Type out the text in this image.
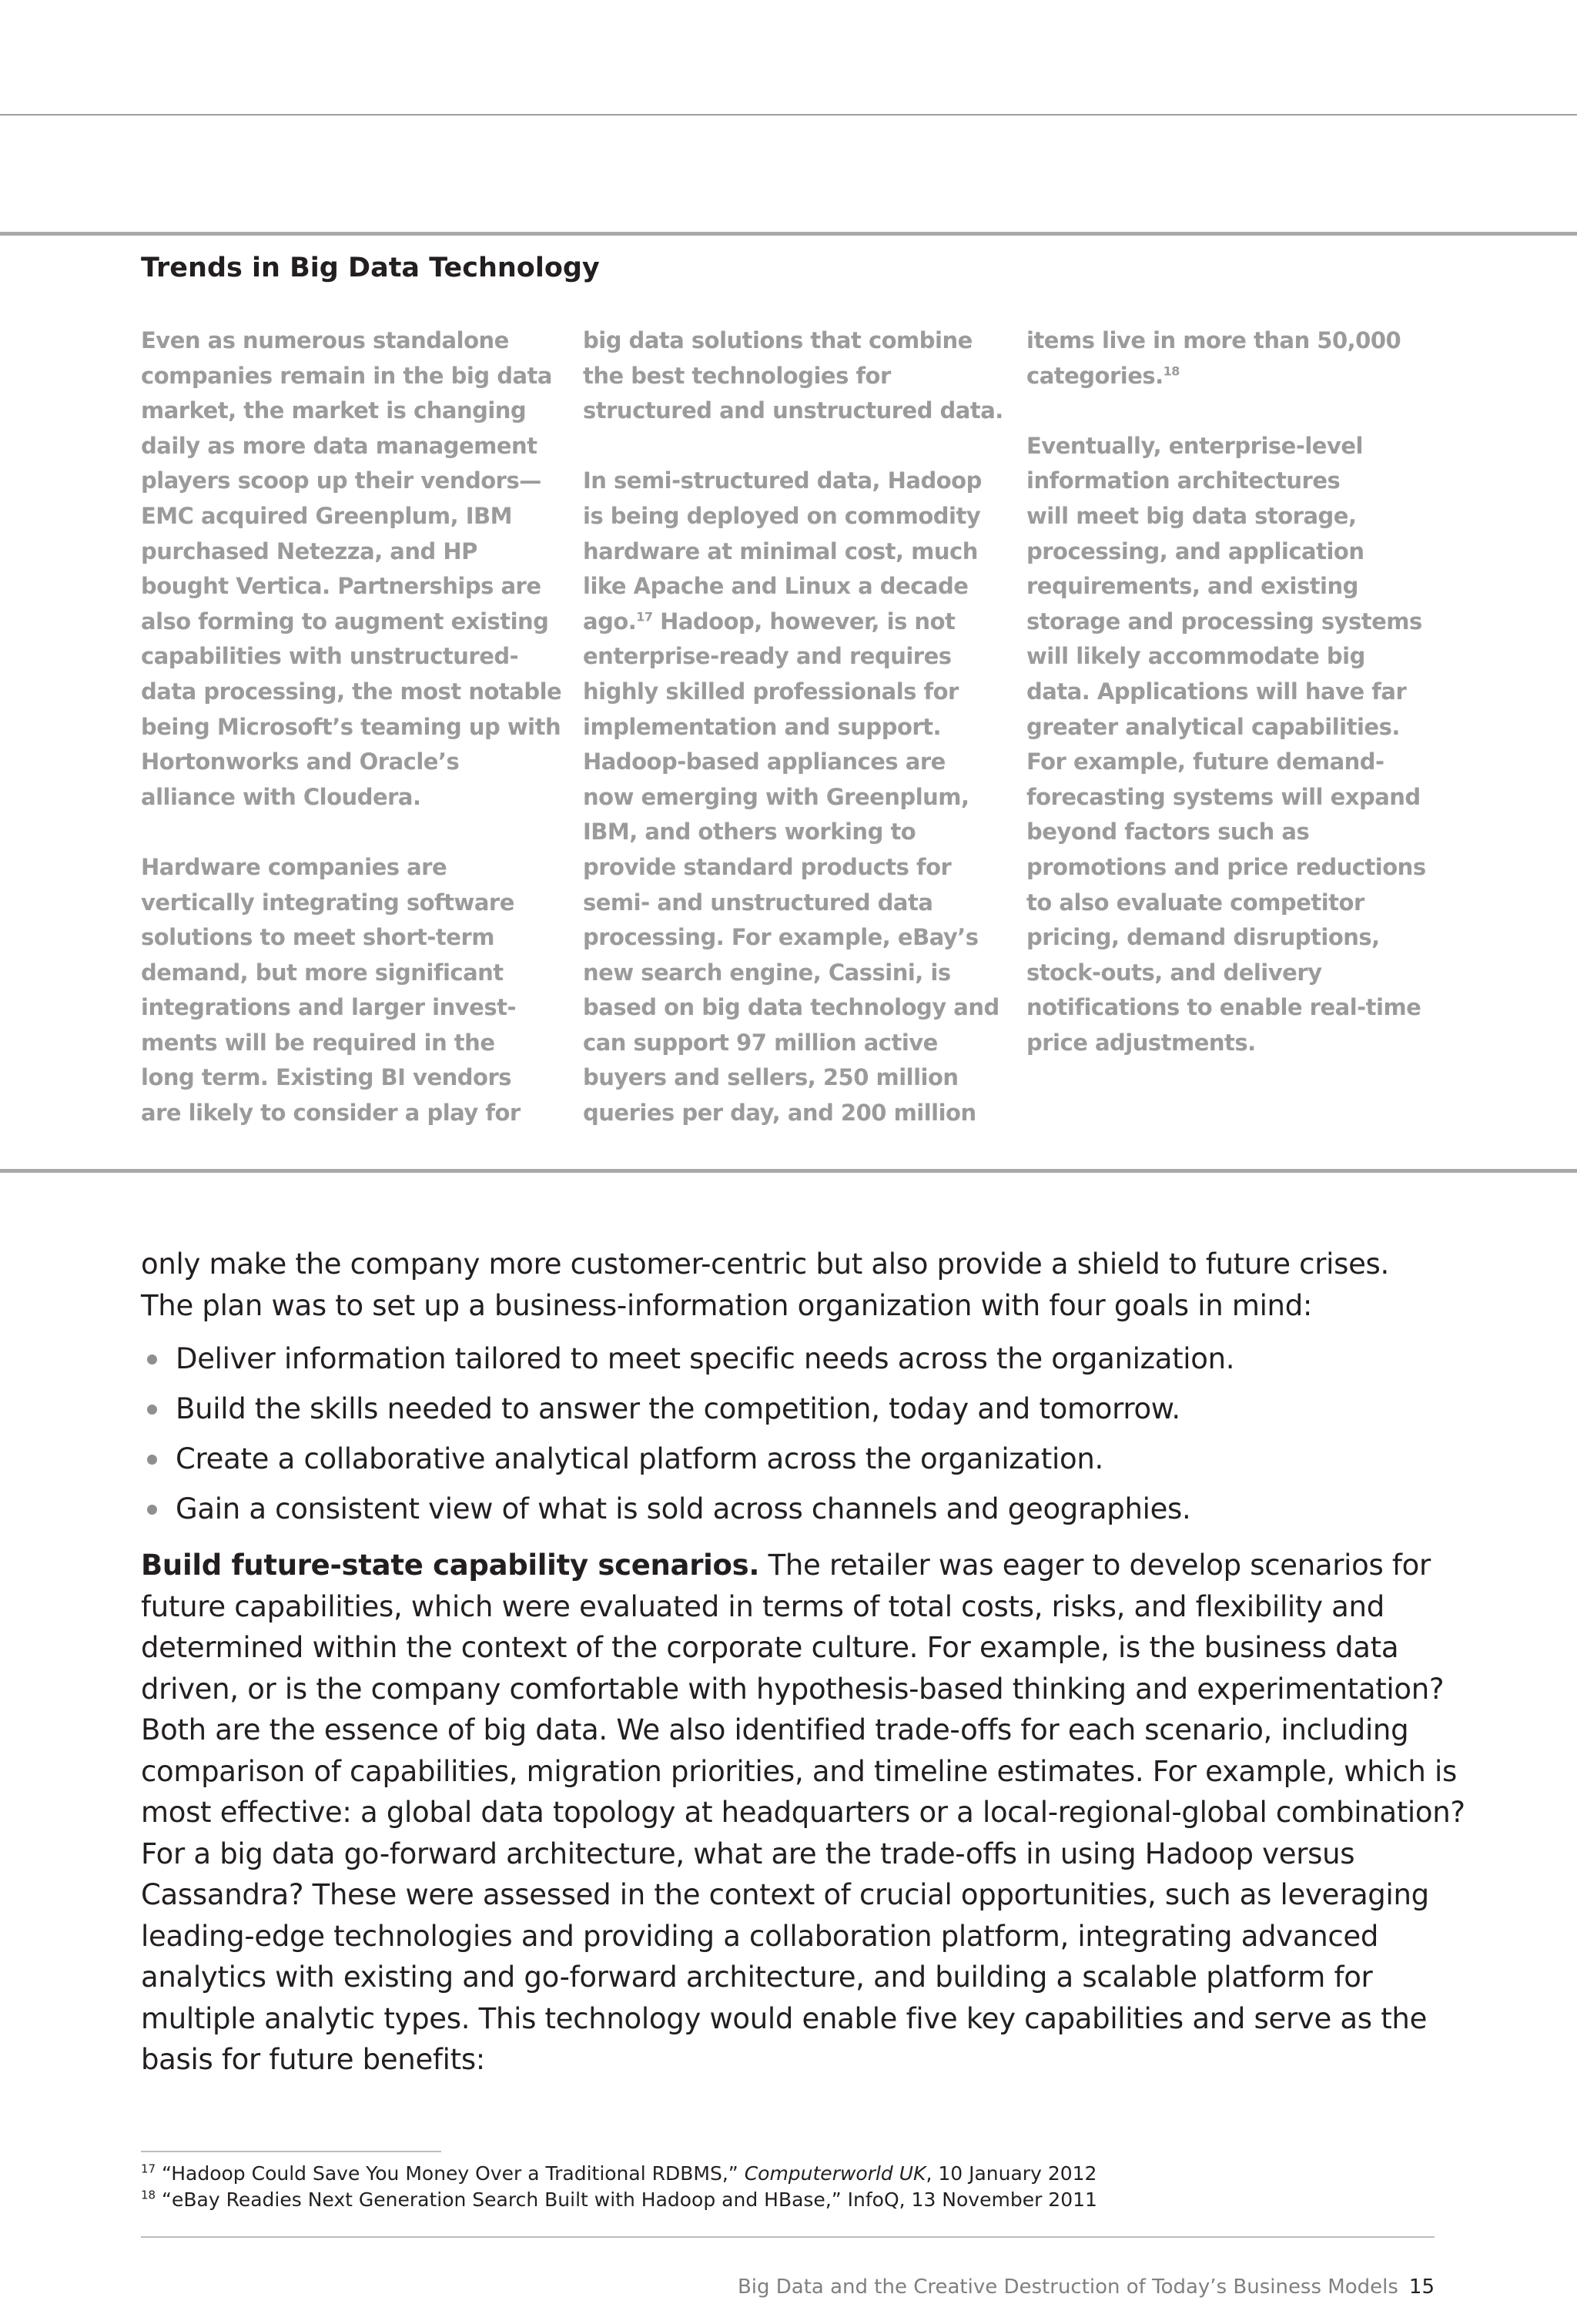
Trends in Big Data Technology

Even as numerous standalone
companies remain in the big data
market, the market is changing
daily as more data management
players scoop up their vendors—
EMC acquired Greenplum, IBM
purchased Netezza, and HP
bought Vertica. Partnerships are
also forming to augment existing
capabilities with unstructured-
data processing, the most notable
being Microsoft’s teaming up with
Hortonworks and Oracle’s
alliance with Cloudera.

Hardware companies are
vertically integrating software
solutions to meet short-term
demand, but more significant
integrations and larger invest-
ments will be required in the
long term. Existing BI vendors
are likely to consider a play for

big data solutions that combine
the best technologies for
structured and unstructured data.

In semi-structured data, Hadoop
is being deployed on commodity
hardware at minimal cost, much
like Apache and Linux a decade
ago.$^{17}$ Hadoop, however, is not
enterprise-ready and requires
highly skilled professionals for
implementation and support.
Hadoop-based appliances are
now emerging with Greenplum,
IBM, and others working to
provide standard products for
semi- and unstructured data
processing. For example, eBay’s
new search engine, Cassini, is
based on big data technology and
can support 97 million active
buyers and sellers, 250 million
queries per day, and 200 million

items live in more than 50,000
categories.$^{18}$

Eventually, enterprise-level
information architectures
will meet big data storage,
processing, and application
requirements, and existing
storage and processing systems
will likely accommodate big
data. Applications will have far
greater analytical capabilities.
For example, future demand-
forecasting systems will expand
beyond factors such as
promotions and price reductions
to also evaluate competitor
pricing, demand disruptions,
stock-outs, and delivery
notifications to enable real-time
price adjustments.

only make the company more customer-centric but also provide a shield to future crises.
The plan was to set up a business-information organization with four goals in mind:

Deliver information tailored to meet specific needs across the organization.
Build the skills needed to answer the competition, today and tomorrow.
Create a collaborative analytical platform across the organization.
Gain a consistent view of what is sold across channels and geographies.

Build future-state capability scenarios. The retailer was eager to develop scenarios for
future capabilities, which were evaluated in terms of total costs, risks, and flexibility and
determined within the context of the corporate culture. For example, is the business data
driven, or is the company comfortable with hypothesis-based thinking and experimentation?
Both are the essence of big data. We also identified trade-offs for each scenario, including
comparison of capabilities, migration priorities, and timeline estimates. For example, which is
most effective: a global data topology at headquarters or a local-regional-global combination?
For a big data go-forward architecture, what are the trade-offs in using Hadoop versus
Cassandra? These were assessed in the context of crucial opportunities, such as leveraging
leading-edge technologies and providing a collaboration platform, integrating advanced
analytics with existing and go-forward architecture, and building a scalable platform for
multiple analytic types. This technology would enable five key capabilities and serve as the
basis for future benefits:

$^{17}$ “Hadoop Could Save You Money Over a Traditional RDBMS,” Computerworld UK, 10 January 2012
$^{18}$ “eBay Readies Next Generation Search Built with Hadoop and HBase,” InfoQ, 13 November 2011
Big Data and the Creative Destruction of Today’s Business Models 15
